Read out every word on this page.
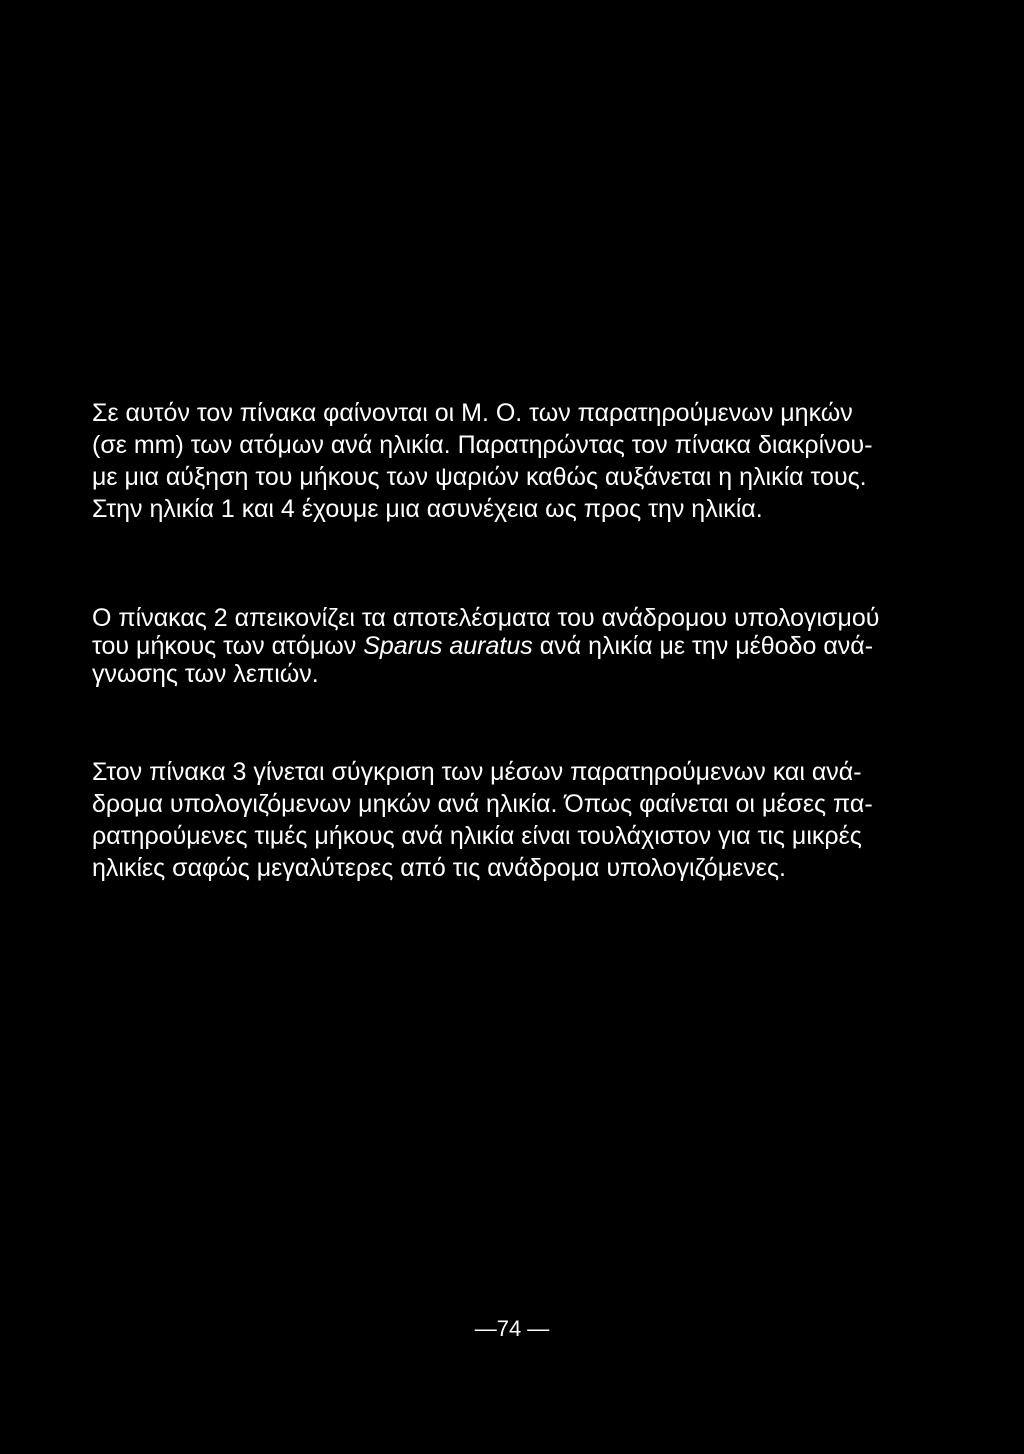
Σε αυτόν τον πίνακα φαίνονται οι Μ. Ο. των παρατηρούμενων μηκών
(σε mm) των ατόμων ανά ηλικία. Παρατηρώντας τον πίνακα διακρίνου-
με μια αύξηση του μήκους των ψαριών καθώς αυξάνεται η ηλικία τους.
Στην ηλικία 1 και 4 έχουμε μια ασυνέχεια ως προς την ηλικία.

Ο πίνακας 2 απεικονίζει τα αποτελέσματα του ανάδρομου υπολογισμού
του μήκους των ατόμων Sparus auratus ανά ηλικία με την μέθοδο ανά-
γνωσης των λεπιών.

Στον πίνακα 3 γίνεται σύγκριση των μέσων παρατηρούμενων και ανά-
δρομα υπολογιζόμενων μηκών ανά ηλικία. Όπως φαίνεται οι μέσες πα-
ρατηρούμενες τιμές μήκους ανά ηλικία είναι τουλάχιστον για τις μικρές
ηλικίες σαφώς μεγαλύτερες από τις ανάδρομα υπολογιζόμενες.

—74 —
